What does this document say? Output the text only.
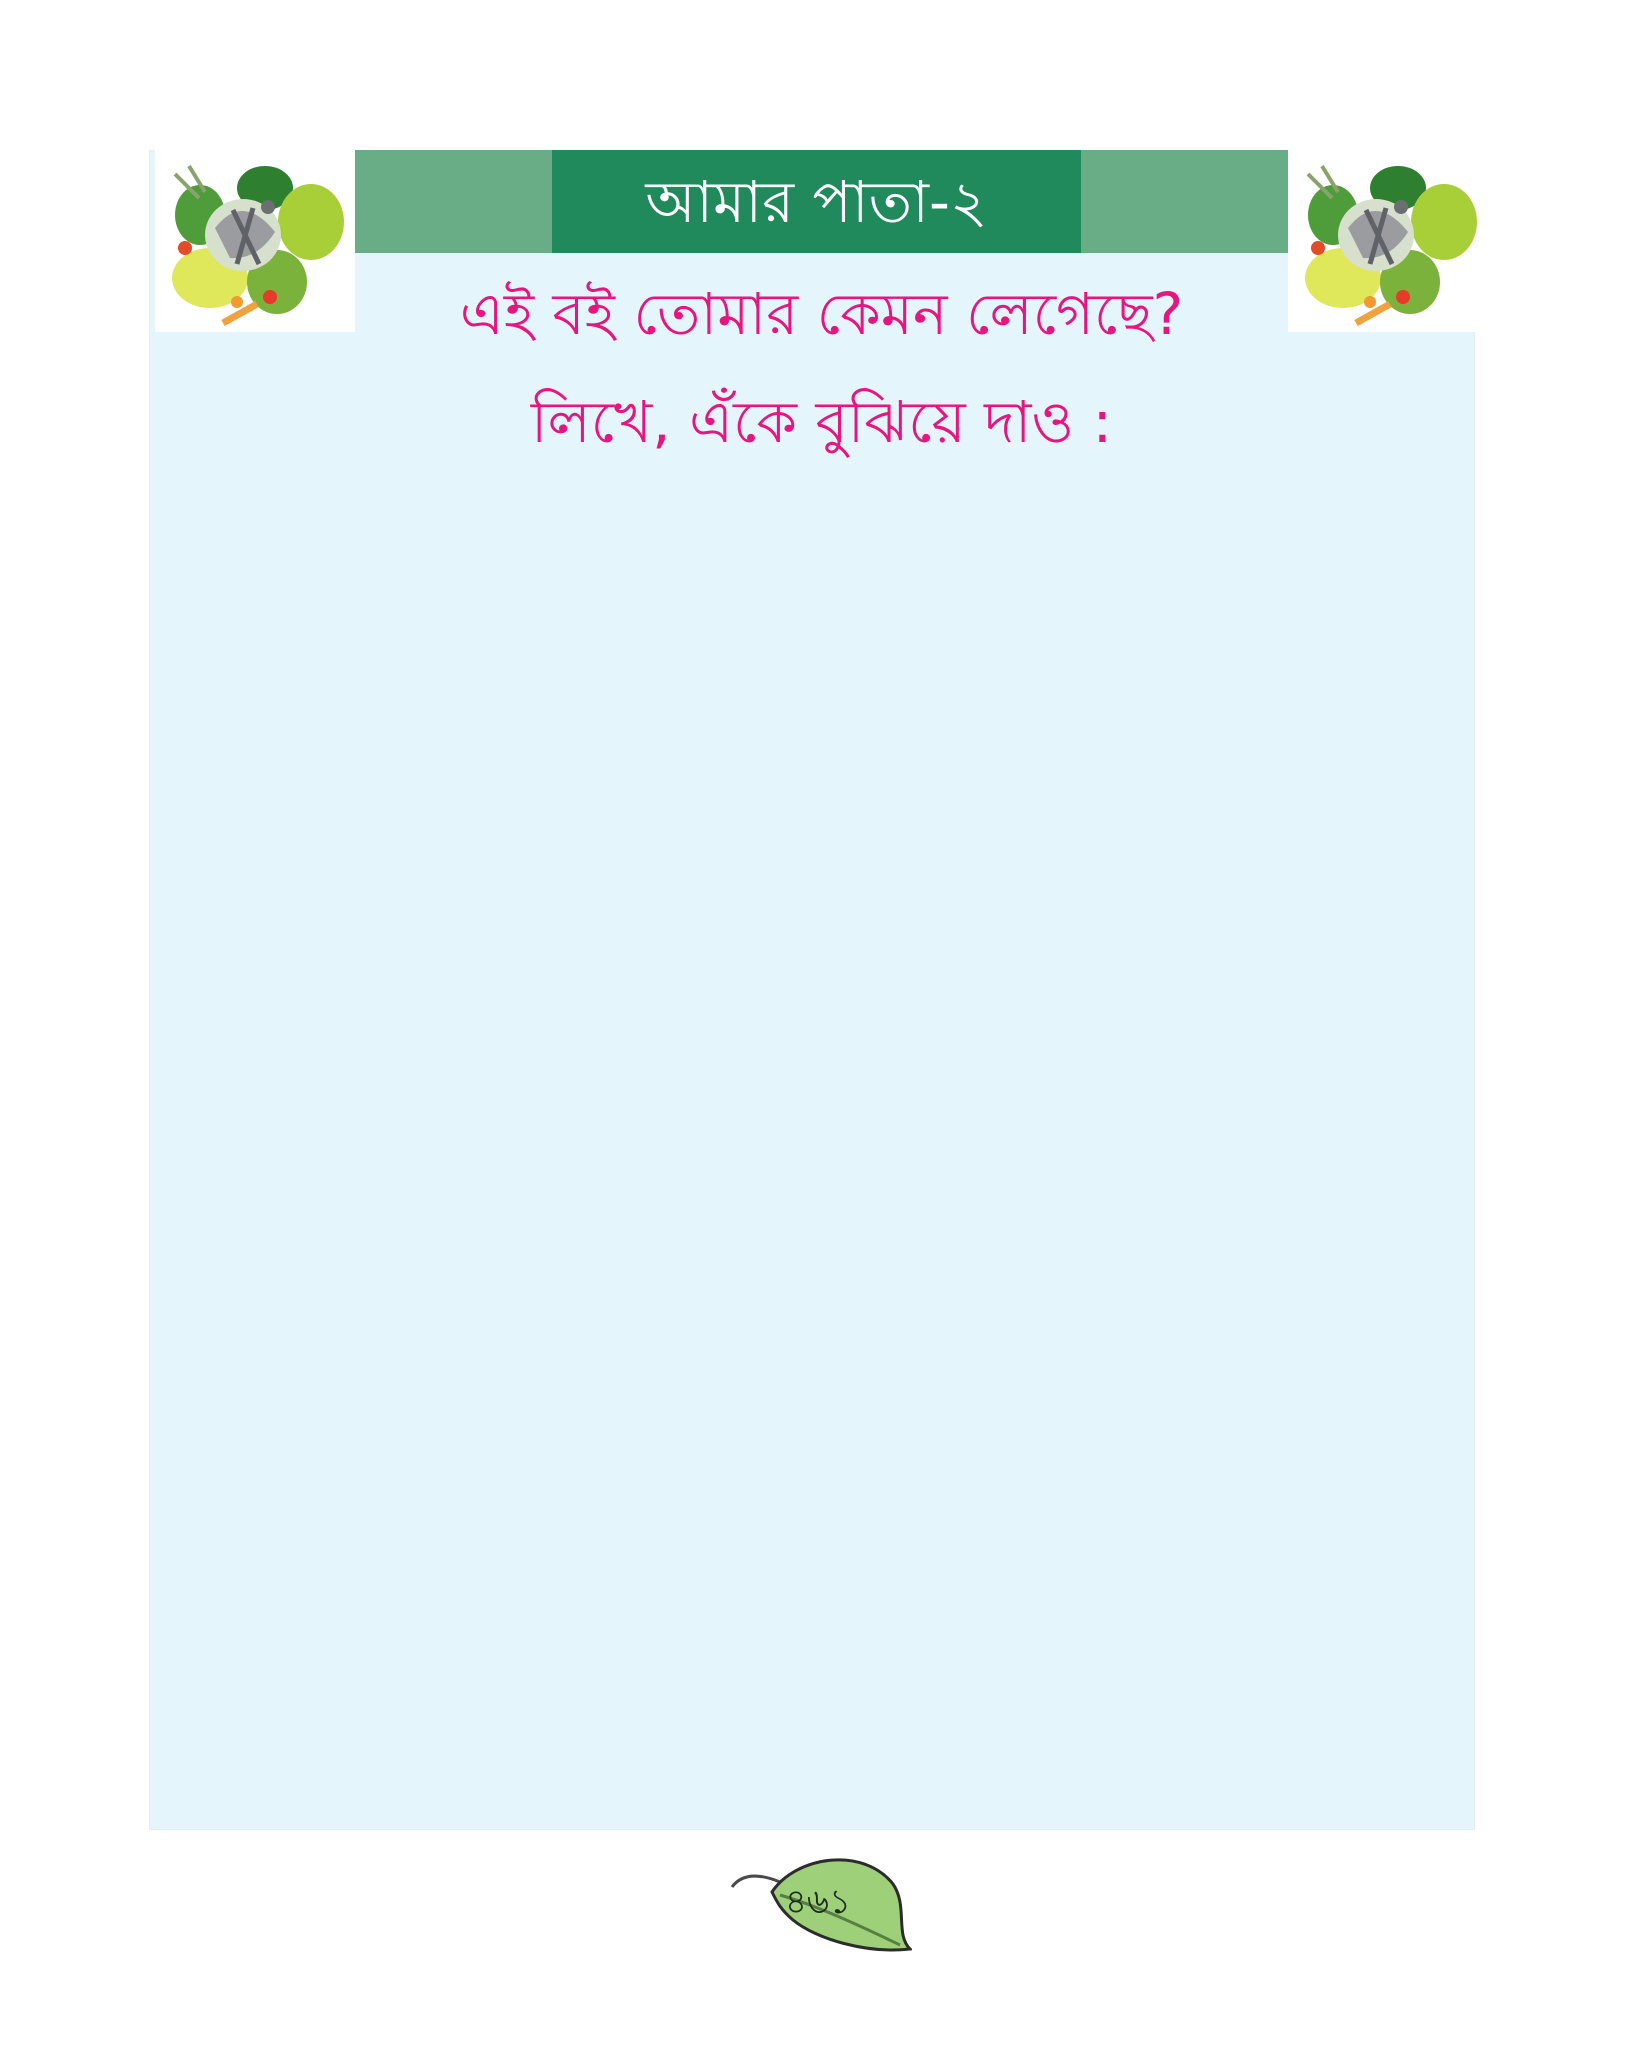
আমার পাতা-২
এই বই তোমার কেমন লেগেছে?
লিখে, এঁকে বুঝিয়ে দাও :
৪৬১
